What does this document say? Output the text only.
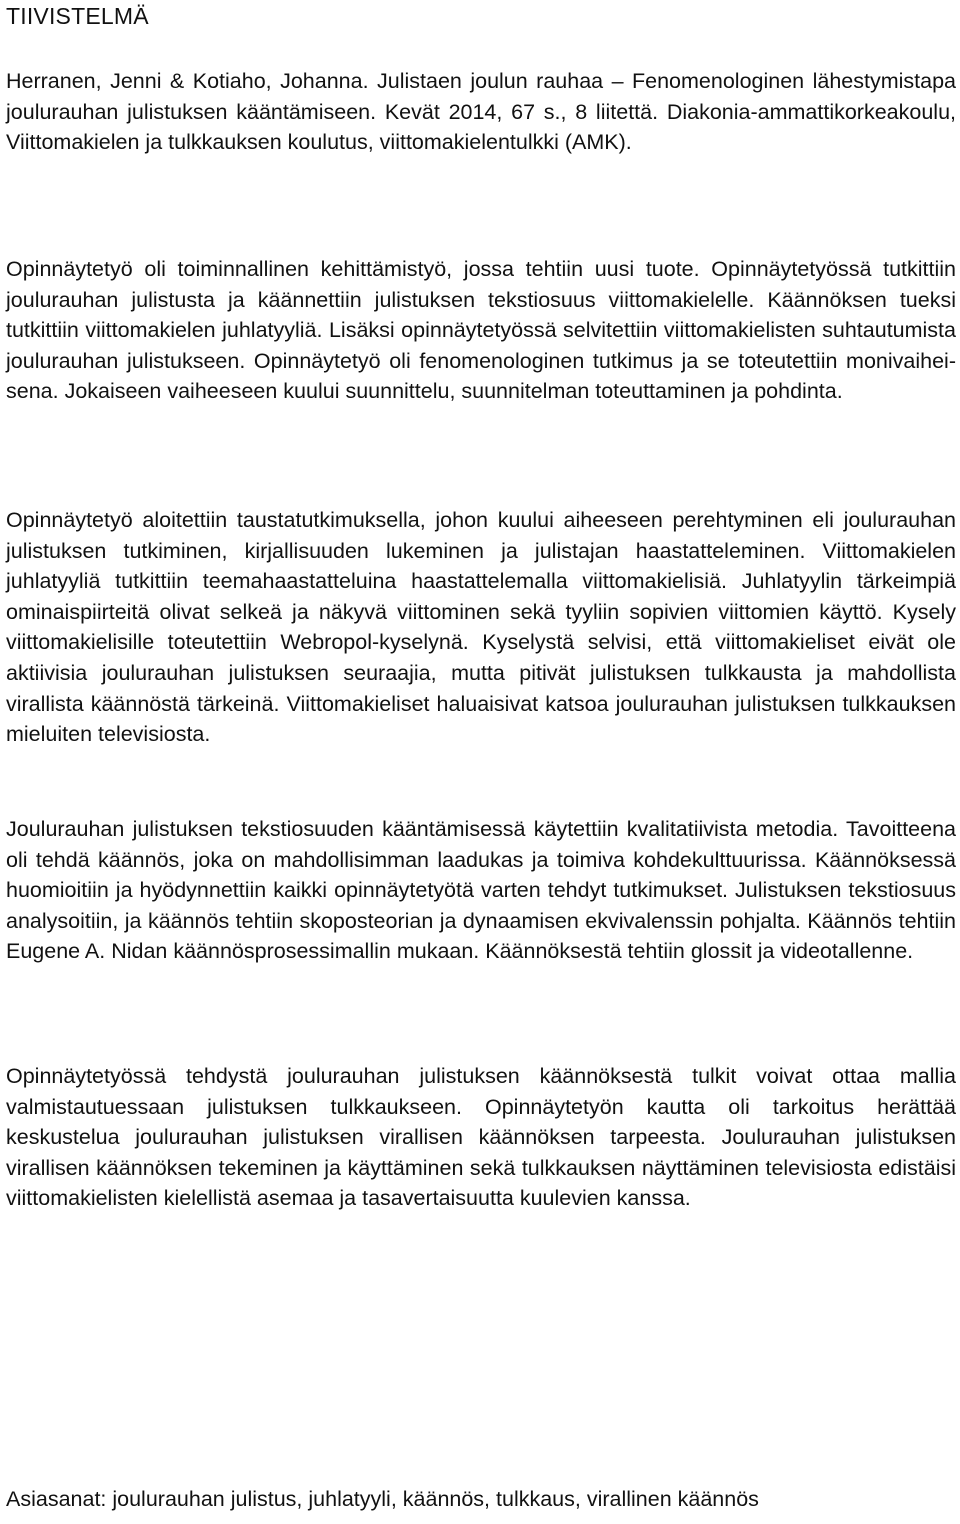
TIIVISTELMÄ

Herranen, Jenni & Kotiaho, Johanna. Julistaen joulun rauhaa – Fenomenologinen lähestymistapa joulurauhan julistuksen kääntämiseen. Kevät 2014, 67 s., 8 liitettä. Diakonia-ammattikorkeakoulu, Viittomakielen ja tulkkauksen koulutus, viittomakielentulkki (AMK).

Opinnäytetyö oli toiminnallinen kehittämistyö, jossa tehtiin uusi tuote. Opinnäytetyössä tutkittiin joulurauhan julistusta ja käännettiin julistuksen tekstiosuus viittomakielelle. Käännöksen tueksi tutkittiin viittomakielen juhlatyyliä. Lisäksi opinnäytetyössä selvitettiin viittomakielisten suhtautumista joulurauhan julistukseen. Opinnäytetyö oli fenomenologinen tutkimus ja se toteutettiin monivaiheisena. Jokaiseen vaiheeseen kuului suunnittelu, suunnitelman toteuttaminen ja pohdinta.

Opinnäytetyö aloitettiin taustatutkimuksella, johon kuului aiheeseen perehtyminen eli joulurauhan julistuksen tutkiminen, kirjallisuuden lukeminen ja julistajan haastatteleminen. Viittomakielen juhlatyyliä tutkittiin teemahaastatteluina haastattelemalla viittomakielisiä. Juhlatyylin tärkeimpiä ominaispiirteitä olivat selkeä ja näkyvä viittominen sekä tyyliin sopivien viittomien käyttö. Kysely viittomakielisille toteutettiin Webropol-kyselynä. Kyselystä selvisi, että viittomakieliset eivät ole aktiivisia joulurauhan julistuksen seuraajia, mutta pitivät julistuksen tulkkausta ja mahdollista virallista käännöstä tärkeinä. Viittomakieliset haluaisivat katsoa joulurauhan julistuksen tulkkauksen mieluiten televisiosta.

Joulurauhan julistuksen tekstiosuuden kääntämisessä käytettiin kvalitatiivista metodia. Tavoitteena oli tehdä käännös, joka on mahdollisimman laadukas ja toimiva kohdekulttuurissa. Käännöksessä huomioitiin ja hyödynnettiin kaikki opinnäytetyötä varten tehdyt tutkimukset. Julistuksen tekstiosuus analysoitiin, ja käännös tehtiin skoposteorian ja dynaamisen ekvivalenssin pohjalta. Käännös tehtiin Eugene A. Nidan käännösprosessimallin mukaan. Käännöksestä tehtiin glossit ja videotallenne.

Opinnäytetyössä tehdystä joulurauhan julistuksen käännöksestä tulkit voivat ottaa mallia valmistautuessaan julistuksen tulkkaukseen. Opinnäytetyön kautta oli tarkoitus herättää keskustelua joulurauhan julistuksen virallisen käännöksen tarpeesta. Joulurauhan julistuksen virallisen käännöksen tekeminen ja käyttäminen sekä tulkkauksen näyttäminen televisiosta edistäisi viittomakielisten kielellistä asemaa ja tasavertaisuutta kuulevien kanssa.

Asiasanat: joulurauhan julistus, juhlatyyli, käännös, tulkkaus, virallinen käännös
